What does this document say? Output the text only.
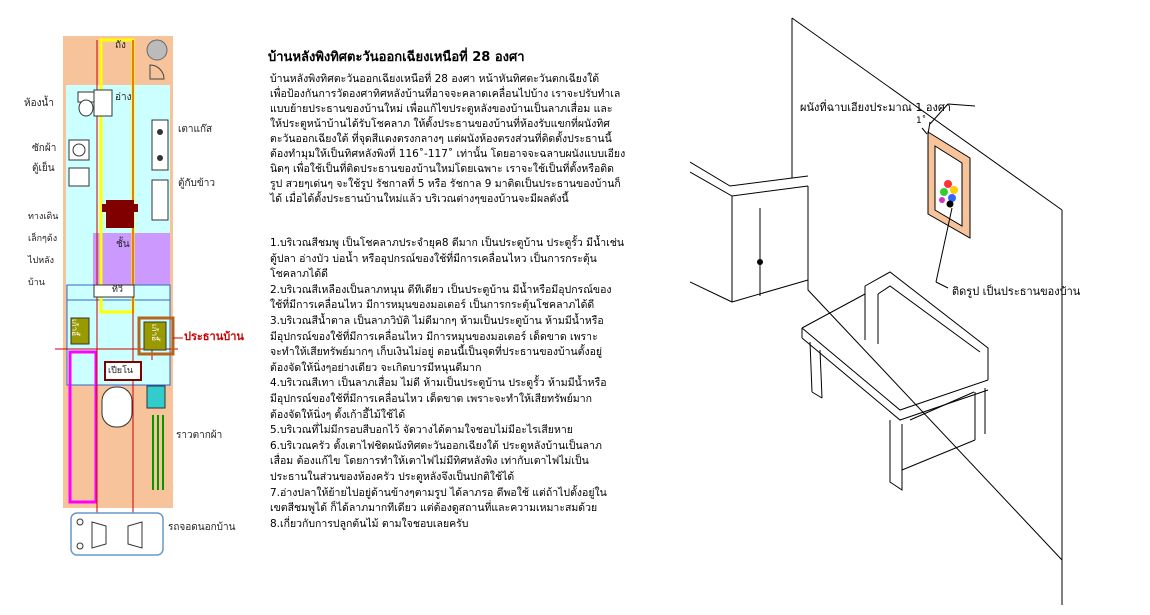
ถัง
อ่าง
ห้องน้ำ
ซักผ้า
ตู้เย็น
เตาแก๊ส
ตู้กับข้าว
ทางเดิน
เล็กๆด้ง
ไปหลัง
บ้าน
ชั้น
ทีวี
เก้าอี้	เก้าอี้ ประธานบ้าน
เปียโน
ราวตากผ้า
รถจอดนอกบ้าน
บ้านหลังพิงทิศตะวันออกเฉียงเหนือที่ 28 องศา
บ้านหลังพิงทิศตะวันออกเฉียงเหนือที่ 28 องศา หน้าหันทิศตะวันตกเฉียงใต้
เพื่อป้องกันการวัดองศาทิศหลังบ้านที่อาจจะคลาดเคลื่อนไปบ้าง เราจะปรับทำเล
แบบย้ายประธานของบ้านใหม่ เพื่อแก้ไขประตูหลังของบ้านเป็นลาภเสื่อม และ
ให้ประตูหน้าบ้านได้รับโชคลาภ ให้ตั้งประธานของบ้านที่ห้องรับแขกที่ผนังทิศ
ตะวันออกเฉียงใต้ ที่จุดสีแดงตรงกลางๆ แต่ผนังห้องตรงส่วนที่ติดตั้งประธานนี้
ต้องทำมุมให้เป็นทิศหลังพิงที่ 116˚-117˚ เท่านั้น โดยอาจจะฉลาบผนังแบบเอียง
นิดๆ เพื่อใช้เป็นที่ติดประธานของบ้านใหม่โดยเฉพาะ เราจะใช้เป็นที่ตั้งหรือติด
รูป สวยๆเด่นๆ จะใช้รูป รัชกาลที่ 5 หรือ รัชกาล 9 มาติดเป็นประธานของบ้านก็
ได้ เมื่อได้ตั้งประธานบ้านใหม่แล้ว บริเวณต่างๆของบ้านจะมีผลดังนี้
1.บริเวณสีชมพู เป็นโชคลาภประจำยุค8 ดีมาก เป็นประตูบ้าน ประตูรั้ว มีน้ำเช่น
ตู้ปลา อ่างบัว บ่อน้ำ หรืออุปกรณ์ของใช้ที่มีการเคลื่อนไหว เป็นการกระตุ้น
โชคลาภได้ดี
2.บริเวณสีเหลืองเป็นลาภหนุน ดีทีเดียว เป็นประตูบ้าน มีน้ำหรือมีอุปกรณ์ของ
ใช้ที่มีการเคลื่อนไหว มีการหมุนของมอเตอร์ เป็นการกระตุ้นโชคลาภได้ดี
3.บริเวณสีน้ำตาล เป็นลาภวิบัติ ไม่ดีมากๆ ห้ามเป็นประตูบ้าน ห้ามมีน้ำหรือ
มีอุปกรณ์ของใช้ที่มีการเคลื่อนไหว มีการหมุนของมอเตอร์ เด็ดขาด เพราะ
จะทำให้เสียทรัพย์มากๆ เก็บเงินไม่อยู่ ตอนนี้เป็นจุดที่ประธานของบ้านตั้งอยู่
ต้องจัดให้นิ่งๆอย่างเดียว จะเกิดบารมีหนุนดีมาก
4.บริเวณสีเทา เป็นลาภเสื่อม ไม่ดี ห้ามเป็นประตูบ้าน ประตูรั้ว ห้ามมีน้ำหรือ
มีอุปกรณ์ของใช้ที่มีการเคลื่อนไหว เด็ดขาด เพราะจะทำให้เสียทรัพย์มาก
ต้องจัดให้นิ่งๆ ตั้งเก้าอี้ไม้ใช้ได้
5.บริเวณที่ไม่มีกรอบสีบอกไว้ จัดวางได้ตามใจชอบไม่มีอะไรเสียหาย
6.บริเวณครัว ตั้งเตาไฟชิดผนังทิศตะวันออกเฉียงใต้ ประตูหลังบ้านเป็นลาภ
เสื่อม ต้องแก้ไข โดยการทำให้เตาไฟไม่มีทิศหลังพิง เท่ากับเตาไฟไม่เป็น
ประธานในส่วนของห้องครัว ประตูหลังจึงเป็นปกติใช้ได้
7.อ่างปลาให้ย้ายไปอยู่ด้านข้างๆตามรูป ได้ลาภรอ ดีพอใช้ แต่ถ้าไปตั้งอยู่ใน
เขตสีชมพูได้ ก็ได้ลาภมากทีเดียว แต่ต้องดูสถานที่และความเหมาะสมด้วย
8.เกี่ยวกับการปลูกต้นไม้ ตามใจชอบเลยครับ
ผนังที่ฉาบเอียงประมาณ 1 องศา
1˚
ติดรูป เป็นประธานของบ้าน
